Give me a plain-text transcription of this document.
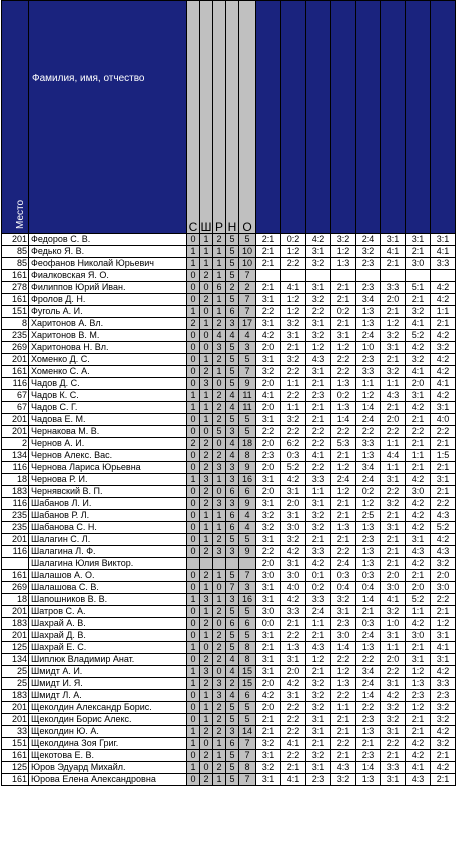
Место	Фамилия, имя, отчество	С	Ш	Р	Н	О	

201	Федоров С. В.	0	1	2	5	5	2:1	0:2	4:2	3:2	2:4	3:1	3:1	3:1
85	Федько Я. В.	1	1	1	5	10	2:1	1:2	3:1	1:2	3:2	4:1	2:1	4:1
85	Феофанов Николай Юрьевич	1	1	1	5	10	2:1	2:2	3:2	1:3	2:3	2:1	3:0	3:3
161	Фиалковская Я. О.	0	2	1	5	7								
278	Филиппов Юрий Иван.	0	0	6	2	2	2:1	4:1	3:1	2:1	2:3	3:3	5:1	4:2
161	Фролов Д. Н.	0	2	1	5	7	3:1	1:2	3:2	2:1	3:4	2:0	2:1	4:2
151	Фуголь А. И.	1	0	1	6	7	2:2	1:2	2:2	0:2	1:3	2:1	3:2	1:1
8	Харитонов А. Вл.	2	1	2	3	17	3:1	3:2	3:1	2:1	1:3	1:2	4:1	2:1
235	Харитонов В. М.	0	0	4	4	4	4:2	3:1	3:2	3:1	2:4	3:2	5:2	4:2
269	Харитонова Н. Вл.	0	0	3	5	3	2:0	2:1	1:2	1:2	1:0	3:1	4:2	3:2
201	Хоменко Д. С.	0	1	2	5	5	3:1	3:2	4:3	2:2	2:3	2:1	3:2	4:2
161	Хоменко С. А.	0	2	1	5	7	3:2	2:2	3:1	2:2	3:3	3:2	4:1	4:2
116	Чадов Д. С.	0	3	0	5	9	2:0	1:1	2:1	1:3	1:1	1:1	2:0	4:1
67	Чадов К. С.	1	1	2	4	11	4:1	2:2	2:3	0:2	1:2	4:3	3:1	4:2
67	Чадов С. Г.	1	1	2	4	11	2:0	1:1	2:1	1:3	1:4	2:1	4:2	3:1
201	Чадова Е. М.	0	1	2	5	5	3:1	3:2	2:1	1:4	2:4	2:0	2:1	4:0
201	Чернакова М. В.	0	0	5	3	5	2:2	2:2	2:2	2:2	2:2	2:2	2:2	2:2
2	Чернов А. И.	2	2	0	4	18	2:0	6:2	2:2	5:3	3:3	1:1	2:1	2:1
134	Чернов Алекс. Вас.	0	2	2	4	8	2:3	0:3	4:1	2:1	1:3	4:4	1:1	1:5
116	Чернова Лариса Юрьевна	0	2	3	3	9	2:0	5:2	2:2	1:2	3:4	1:1	2:1	2:1
18	Чернова Р. И.	1	3	1	3	16	3:1	4:2	3:3	2:4	2:4	3:1	4:2	3:1
183	Чернявский В. П.	0	2	0	6	6	2:0	3:1	1:1	1:2	0:2	2:2	3:0	2:1
116	Шабанов Л. И.	0	2	3	3	9	3:1	2:0	3:1	2:1	1:2	3:2	4:2	2:2
235	Шабанов Р. Л.	0	1	1	6	4	3:2	3:1	3:2	2:1	2:5	2:1	4:2	4:3
235	Шабанова С. Н.	0	1	1	6	4	3:2	3:0	3:2	1:3	1:3	3:1	4:2	5:2
201	Шалагин С. Л.	0	1	2	5	5	3:1	3:2	2:1	2:1	2:3	2:1	3:1	4:2
116	Шалагина Л. Ф.	0	2	3	3	9	2:2	4:2	3:3	2:2	1:3	2:1	4:3	4:3
	Шалагина Юлия Виктор.						2:0	3:1	4:2	2:4	1:3	2:1	4:2	3:2
161	Шалашов А. О.	0	2	1	5	7	3:0	3:0	0:1	0:3	0:3	2:0	2:1	2:0
269	Шалашова С. В.	0	1	0	7	3	3:1	4:0	0:2	0:4	0:4	3:0	2:0	3:0
18	Шапошников В. В.	1	3	1	3	16	3:1	4:2	3:3	3:2	1:4	4:1	5:2	2:2
201	Шатров С. А.	0	1	2	5	5	3:0	3:3	2:4	3:1	2:1	3:2	1:1	2:1
183	Шахрай А. В.	0	2	0	6	6	0:0	2:1	1:1	2:3	0:3	1:0	4:2	1:2
201	Шахрай Д. В.	0	1	2	5	5	3:1	2:2	2:1	3:0	2:4	3:1	3:0	3:1
125	Шахрай Е. С.	1	0	2	5	8	2:1	1:3	4:3	1:4	1:3	1:1	2:1	4:1
134	Шиплюк Владимир Анат.	0	2	2	4	8	3:1	3:1	1:2	2:2	2:2	2:0	3:1	3:1
25	Шмидт А. И.	1	3	0	4	15	3:1	2:0	2:1	1:2	3:4	2:2	1:2	4:2
25	Шмидт И. Я.	1	2	3	2	15	2:0	4:2	3:2	1:3	2:4	3:1	1:3	3:3
183	Шмидт Л. А.	0	1	3	4	6	4:2	3:1	3:2	2:2	1:4	4:2	2:3	2:3
201	Щеколдин Александр Борис.	0	1	2	5	5	2:0	2:2	3:2	1:1	2:2	3:2	1:2	3:2
201	Щеколдин Борис Алекс.	0	1	2	5	5	2:1	2:2	3:1	2:1	2:3	3:2	2:1	3:2
33	Щеколдин Ю. А.	1	2	2	3	14	2:1	2:2	3:1	2:1	1:3	3:1	2:1	4:2
151	Щеколдина Зоя Григ.	1	0	1	6	7	3:2	4:1	2:1	2:2	2:1	2:2	4:2	3:2
161	Щекотова Е. В.	0	2	1	5	7	3:1	2:2	3:2	2:1	2:3	2:1	4:2	2:1
125	Юров Эдуард Михайл.	1	0	2	5	8	3:2	2:1	3:1	4:3	1:4	3:3	4:1	4:2
161	Юрова Елена Александровна	0	2	1	5	7	3:1	4:1	2:3	3:2	1:3	3:1	4:3	2:1
